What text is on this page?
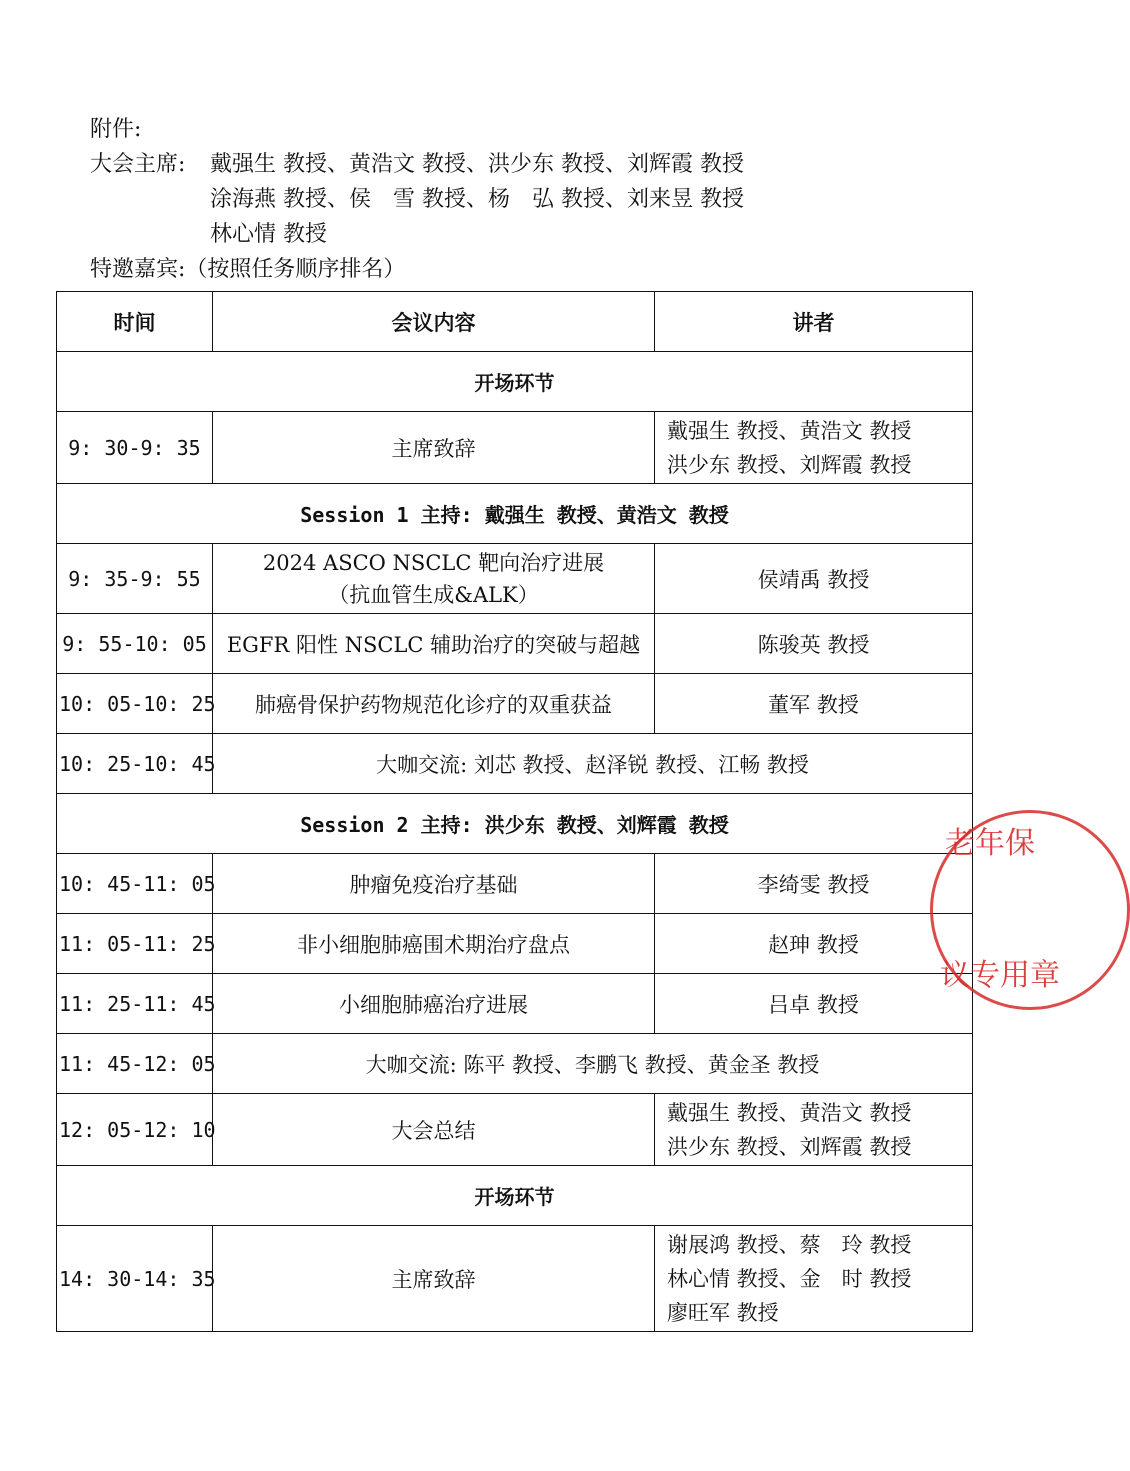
附件:
大会主席:	戴强生 教授、黄浩文 教授、洪少东 教授、刘辉霞 教授
涂海燕 教授、侯　雪 教授、杨　弘 教授、刘来昱 教授
林心情 教授
特邀嘉宾: （按照任务顺序排名）
时间	会议内容	讲者
开场环节		
9: 30-9: 35	主席致辞	戴强生 教授、黄浩文 教授
洪少东 教授、刘辉霞 教授

Session 1 主持: 戴强生 教授、黄浩文 教授		
9: 35-9: 55	2024 ASCO NSCLC 靶向治疗进展
（抗血管生成&ALK）	侯靖禹 教授
9: 55-10: 05	EGFR 阳性 NSCLC 辅助治疗的突破与超越	陈骏英 教授
10: 05-10: 25	肺癌骨保护药物规范化诊疗的双重获益	董军 教授
10: 25-10: 45	大咖交流: 刘芯 教授、赵泽锐 教授、江畅 教授	
Session 2 主持: 洪少东 教授、刘辉霞 教授		
10: 45-11: 05	肿瘤免疫治疗基础	李绮雯 教授
11: 05-11: 25	非小细胞肺癌围术期治疗盘点	赵珅 教授
11: 25-11: 45	小细胞肺癌治疗进展	吕卓 教授
11: 45-12: 05	大咖交流: 陈平 教授、李鹏飞 教授、黄金圣 教授	
12: 05-12: 10	大会总结	戴强生 教授、黄浩文 教授
洪少东 教授、刘辉霞 教授

开场环节		
14: 30-14: 35	主席致辞	谢展鸿 教授、蔡　玲 教授
林心情 教授、金　时 教授
廖旺军 教授
老年保
议专用章
